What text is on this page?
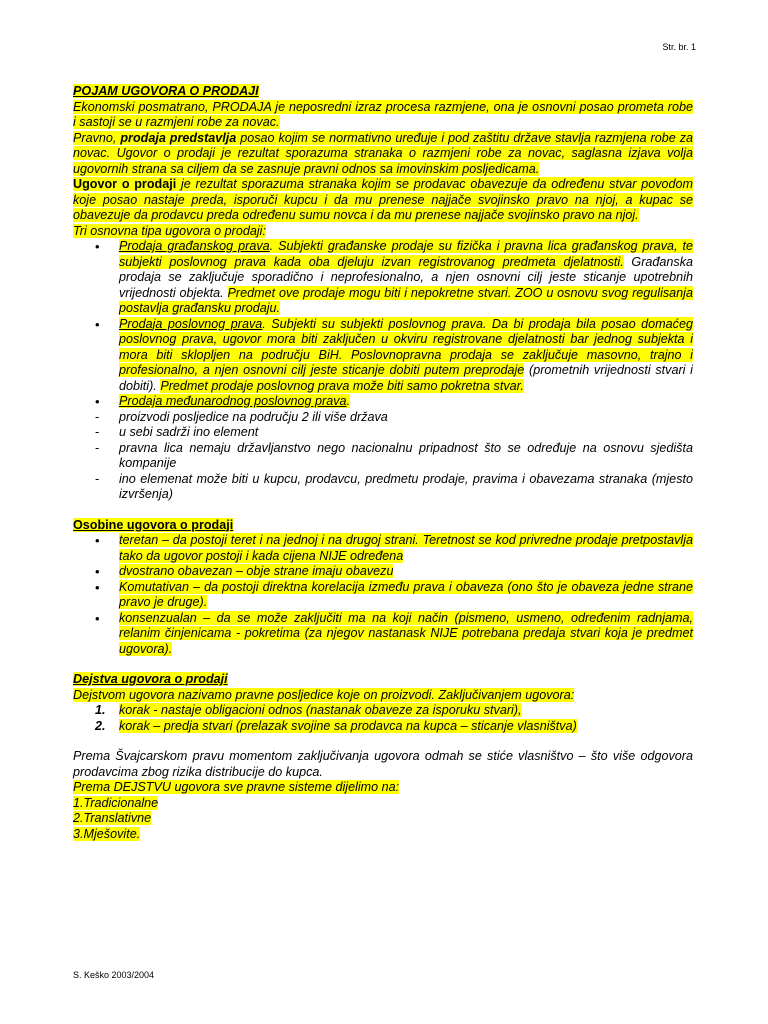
Str. br. 1

POJAM UGOVORA O PRODAJI

Ekonomski posmatrano, PRODAJA je neposredni izraz procesa razmjene, ona je osnovni posao prometa robe i sastoji se u razmjeni robe za novac.

Pravno, prodaja predstavlja posao kojim se normativno uređuje i pod zaštitu države stavlja razmjena robe za novac. Ugovor o prodaji je rezultat sporazuma stranaka o razmjeni robe za novac, saglasna izjava volja ugovornih strana sa ciljem da se zasnuje pravni odnos sa imovinskim posljedicama.

Ugovor o prodaji je rezultat sporazuma stranaka kojim se prodavac obavezuje da određenu stvar povodom koje posao nastaje preda, isporuči kupcu i da mu prenese najjače svojinsko pravo na njoj, a kupac se obavezuje da prodavcu preda određenu sumu novca i da mu prenese najjače svojinsko pravo na njoj.

Tri osnovna tipa ugovora o prodaji:

• Prodaja građanskog prava. Subjekti građanske prodaje su fizička i pravna lica građanskog prava, te subjekti poslovnog prava kada oba djeluju izvan registrovanog predmeta djelatnosti. Građanska prodaja se zaključuje sporadično i neprofesionalno, a njen osnovni cilj jeste sticanje upotrebnih vrijednosti objekta. Predmet ove prodaje mogu biti i nepokretne stvari. ZOO u osnovu svog regulisanja postavlja građansku prodaju.
• Prodaja poslovnog prava. Subjekti su subjekti poslovnog prava. Da bi prodaja bila posao domaćeg poslovnog prava, ugovor mora biti zaključen u okviru registrovane djelatnosti bar jednog subjekta i mora biti sklopljen na području BiH. Poslovnopravna prodaja se zaključuje masovno, trajno i profesionalno, a njen osnovni cilj jeste sticanje dobiti putem preprodaje (prometnih vrijednosti stvari i dobiti). Predmet prodaje poslovnog prava može biti samo pokretna stvar.
• Prodaja međunarodnog poslovnog prava.
- proizvodi posljedice na području 2 ili više država
- u sebi sadrži ino element
- pravna lica nemaju državljanstvo nego nacionalnu pripadnost što se određuje na osnovu sjedišta kompanije
- ino elemenat može biti u kupcu, prodavcu, predmetu prodaje, pravima i obavezama stranaka (mjesto izvršenja)

Osobine ugovora o prodaji

• teretan – da postoji teret i na jednoj i na drugoj strani. Teretnost se kod privredne prodaje pretpostavlja tako da ugovor postoji i kada cijena NIJE određena
• dvostrano obavezan – obje strane imaju obavezu
• Komutativan – da postoji direktna korelacija između prava i obaveza (ono što je obaveza jedne strane pravo je druge).
• konsenzualan – da se može zaključiti ma na koji način (pismeno, usmeno, određenim radnjama, relanim činjenicama - pokretima (za njegov nastanask NIJE potrebana predaja stvari koja je predmet ugovora).

Dejstva ugovora o prodaji

Dejstvom ugovora nazivamo pravne posljedice koje on proizvodi. Zaključivanjem ugovora:

1. korak - nastaje obligacioni odnos (nastanak obaveze za isporuku stvari),
2. korak – predja stvari (prelazak svojine sa prodavca na kupca – sticanje vlasništva)

Prema Švajcarskom pravu momentom zaključivanja ugovora odmah se stiće vlasništvo – što više odgovora prodavcima zbog rizika distribucije do kupca.

Prema DEJSTVU ugovora sve pravne sisteme dijelimo na:

1.Tradicionalne

2.Translativne

3.Mješovite.

S. Keško 2003/2004
